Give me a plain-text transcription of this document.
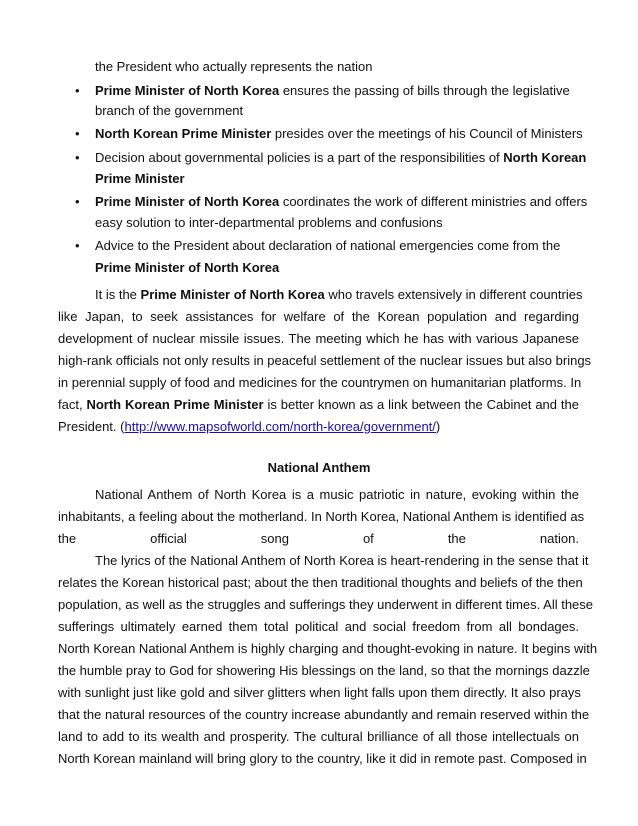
the President who actually represents the nation
• Prime Minister of North Korea ensures the passing of bills through the legislative
branch of the government
• North Korean Prime Minister presides over the meetings of his Council of Ministers
• Decision about governmental policies is a part of the responsibilities of North Korean
Prime Minister
• Prime Minister of North Korea coordinates the work of different ministries and offers
easy solution to inter-departmental problems and confusions
• Advice to the President about declaration of national emergencies come from the
Prime Minister of North Korea
It is the Prime Minister of North Korea who travels extensively in different countries
like Japan, to seek assistances for welfare of the Korean population and regarding
development of nuclear missile issues. The meeting which he has with various Japanese
high-rank officials not only results in peaceful settlement of the nuclear issues but also brings
in perennial supply of food and medicines for the countrymen on humanitarian platforms. In
fact, North Korean Prime Minister is better known as a link between the Cabinet and the
President. (http://www.mapsofworld.com/north-korea/government/)
National Anthem
National Anthem of North Korea is a music patriotic in nature, evoking within the
inhabitants, a feeling about the motherland. In North Korea, National Anthem is identified as
the	official	song	of	the	nation.
The lyrics of the National Anthem of North Korea is heart-rendering in the sense that it
relates the Korean historical past; about the then traditional thoughts and beliefs of the then
population, as well as the struggles and sufferings they underwent in different times. All these
sufferings ultimately earned them total political and social freedom from all bondages.
North Korean National Anthem is highly charging and thought-evoking in nature. It begins with
the humble pray to God for showering His blessings on the land, so that the mornings dazzle
with sunlight just like gold and silver glitters when light falls upon them directly. It also prays
that the natural resources of the country increase abundantly and remain reserved within the
land to add to its wealth and prosperity. The cultural brilliance of all those intellectuals on
North Korean mainland will bring glory to the country, like it did in remote past. Composed in
